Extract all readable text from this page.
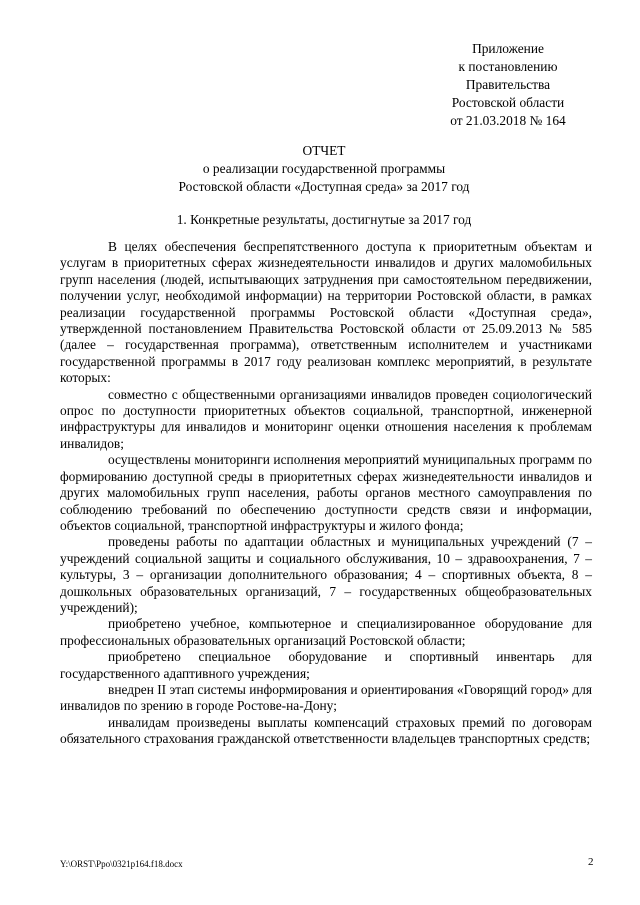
Приложение
к постановлению
Правительства
Ростовской области
от 21.03.2018 № 164
ОТЧЕТ
о реализации государственной программы
Ростовской области «Доступная среда» за 2017 год
1. Конкретные результаты, достигнутые за 2017 год

В целях обеспечения беспрепятственного доступа к приоритетным объектам и услугам в приоритетных сферах жизнедеятельности инвалидов и других маломобильных групп населения (людей, испытывающих затруднения при самостоятельном передвижении, получении услуг, необходимой информации) на территории Ростовской области, в рамках реализации государственной программы Ростовской области «Доступная среда», утвержденной постановлением Правительства Ростовской области от 25.09.2013 № 585 (далее – государственная программа), ответственным исполнителем и участниками государственной программы в 2017 году реализован комплекс мероприятий, в результате которых:

совместно с общественными организациями инвалидов проведен социологический опрос по доступности приоритетных объектов социальной, транспортной, инженерной инфраструктуры для инвалидов и мониторинг оценки отношения населения к проблемам инвалидов;

осуществлены мониторинги исполнения мероприятий муниципальных программ по формированию доступной среды в приоритетных сферах жизнедеятельности инвалидов и других маломобильных групп населения, работы органов местного самоуправления по соблюдению требований по обеспечению доступности средств связи и информации, объектов социальной, транспортной инфраструктуры и жилого фонда;

проведены работы по адаптации областных и муниципальных учреждений (7 – учреждений социальной защиты и социального обслуживания, 10 – здравоохранения, 7 – культуры, 3 – организации дополнительного образования; 4 – спортивных объекта, 8 – дошкольных образовательных организаций, 7 – государственных общеобразовательных учреждений);

приобретено учебное, компьютерное и специализированное оборудование для профессиональных образовательных организаций Ростовской области;

приобретено специальное оборудование и спортивный инвентарь для государственного адаптивного учреждения;

внедрен II этап системы информирования и ориентирования «Говорящий город» для инвалидов по зрению в городе Ростове-на-Дону;

инвалидам произведены выплаты компенсаций страховых премий по договорам обязательного страхования гражданской ответственности владельцев транспортных средств;

Y:\ORST\Ppo\0321p164.f18.docx	2
